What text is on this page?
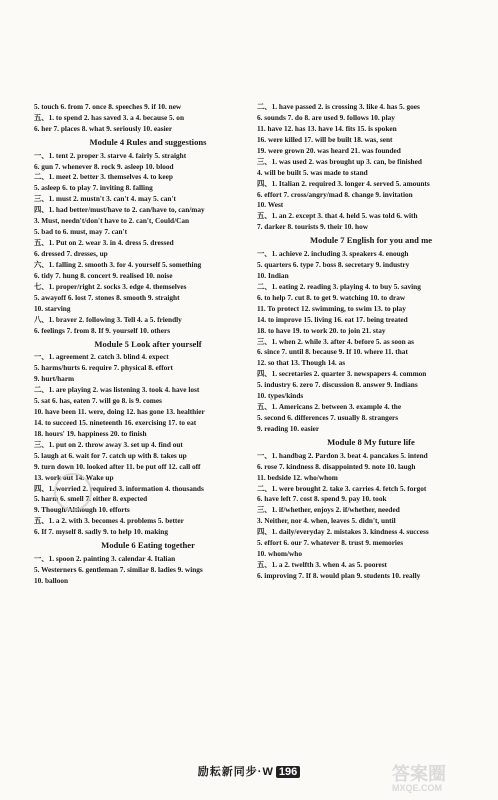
5. touch 6. from 7. once 8. speeches 9. if 10. new
五、1. to spend 2. has saved 3. a 4. because 5. on
6. her 7. places 8. what 9. seriously 10. easier
Module 4 Rules and suggestions
一、1. tent 2. proper 3. starve 4. fairly 5. straight
6. gun 7. whenever 8. rock 9. asleep 10. blood
二、1. meet 2. better 3. themselves 4. to keep
5. asleep 6. to play 7. inviting 8. falling
三、1. must 2. mustn't 3. can't 4. may 5. can't
四、1. had better/must/have to 2. can/have to, can/may
3. Must, needn't/don't have to 2. can't, Could/Can
5. bad to 6. must, may 7. can't
五、1. Put on 2. wear 3. in 4. dress 5. dressed
6. dressed 7. dresses, up
六、1. falling 2. smooth 3. for 4. yourself 5. something
6. tidy 7. hung 8. concert 9. realised 10. noise
七、1. proper/right 2. socks 3. edge 4. themselves
5. awayoff 6. lost 7. stones 8. smooth 9. straight
10. starving
八、1. braver 2. following 3. Tell 4. a 5. friendly
6. feelings 7. from 8. If 9. yourself 10. others
Module 5 Look after yourself
一、1. agreement 2. catch 3. blind 4. expect
5. harms/hurts 6. require 7. physical 8. effort
9. hurt/harm
二、1. are playing 2. was listening 3. took 4. have lost
5. sat 6. has, eaten 7. will go 8. is 9. comes
10. have been 11. were, doing 12. has gone 13. healthier
14. to succeed 15. nineteenth 16. exercising 17. to eat
18. hours' 19. happiness 20. to finish
三、1. put on 2. throw away 3. set up 4. find out
5. laugh at 6. wait for 7. catch up with 8. takes up
9. turn down 10. looked after 11. be put off 12. call off
13. work out 14. Wake up
四、1. worried 2. required 3. information 4. thousands
5. harm 6. smell 7. either 8. expected
9. Though/Although 10. efforts
五、1. a 2. with 3. becomes 4. problems 5. better
6. If 7. myself 8. sadly 9. to help 10. making
Module 6 Eating together
一、1. spoon 2. painting 3. calendar 4. Italian
5. Westerners 6. gentleman 7. similar 8. ladies 9. wings
10. balloon
二、1. have passed 2. is crossing 3. like 4. has 5. goes
6. sounds 7. do 8. are used 9. follows 10. play
11. have 12. has 13. have 14. fits 15. is spoken
16. were killed 17. will be built 18. was, sent
19. were grown 20. was heard 21. was founded
三、1. was used 2. was brought up 3. can, be finished
4. will be built 5. was made to stand
四、1. Italian 2. required 3. longer 4. served 5. amounts
6. effort 7. cross/angry/mad 8. change 9. invitation
10. West
五、1. an 2. except 3. that 4. held 5. was told 6. with
7. darker 8. tourists 9. their 10. how
Module 7 English for you and me
一、1. achieve 2. including 3. speakers 4. enough
5. quarters 6. type 7. boss 8. secretary 9. industry
10. Indian
二、1. eating 2. reading 3. playing 4. to buy 5. saving
6. to help 7. cut 8. to get 9. watching 10. to draw
11. To protect 12. swimming, to swim 13. to play
14. to improve 15. living 16. eat 17. being treated
18. to have 19. to work 20. to join 21. stay
三、1. when 2. while 3. after 4. before 5. as soon as
6. since 7. until 8. because 9. If 10. where 11. that
12. so that 13. Though 14. as
四、1. secretaries 2. quarter 3. newspapers 4. common
5. industry 6. zero 7. discussion 8. answer 9. Indians
10. types/kinds
五、1. Americans 2. between 3. example 4. the
5. second 6. differences 7. usually 8. strangers
9. reading 10. easier
Module 8 My future life
一、1. handbag 2. Pardon 3. beat 4. pancakes 5. intend
6. rose 7. kindness 8. disappointed 9. note 10. laugh
11. bedside 12. who/whom
二、1. were brought 2. take 3. carries 4. fetch 5. forgot
6. have left 7. cost 8. spend 9. pay 10. took
三、1. if/whether, enjoys 2. if/whether, needed
3. Neither, nor 4. when, leaves 5. didn't, until
四、1. daily/everyday 2. mistakes 3. kindness 4. success
5. effort 6. our 7. whatever 8. trust 9. memories
10. whom/who
五、1. a 2. twelfth 3. when 4. as 5. poorest
6. improving 7. If 8. would plan 9. students 10. really
励耘新同步·W 196	答案圈
MXQE.COM
